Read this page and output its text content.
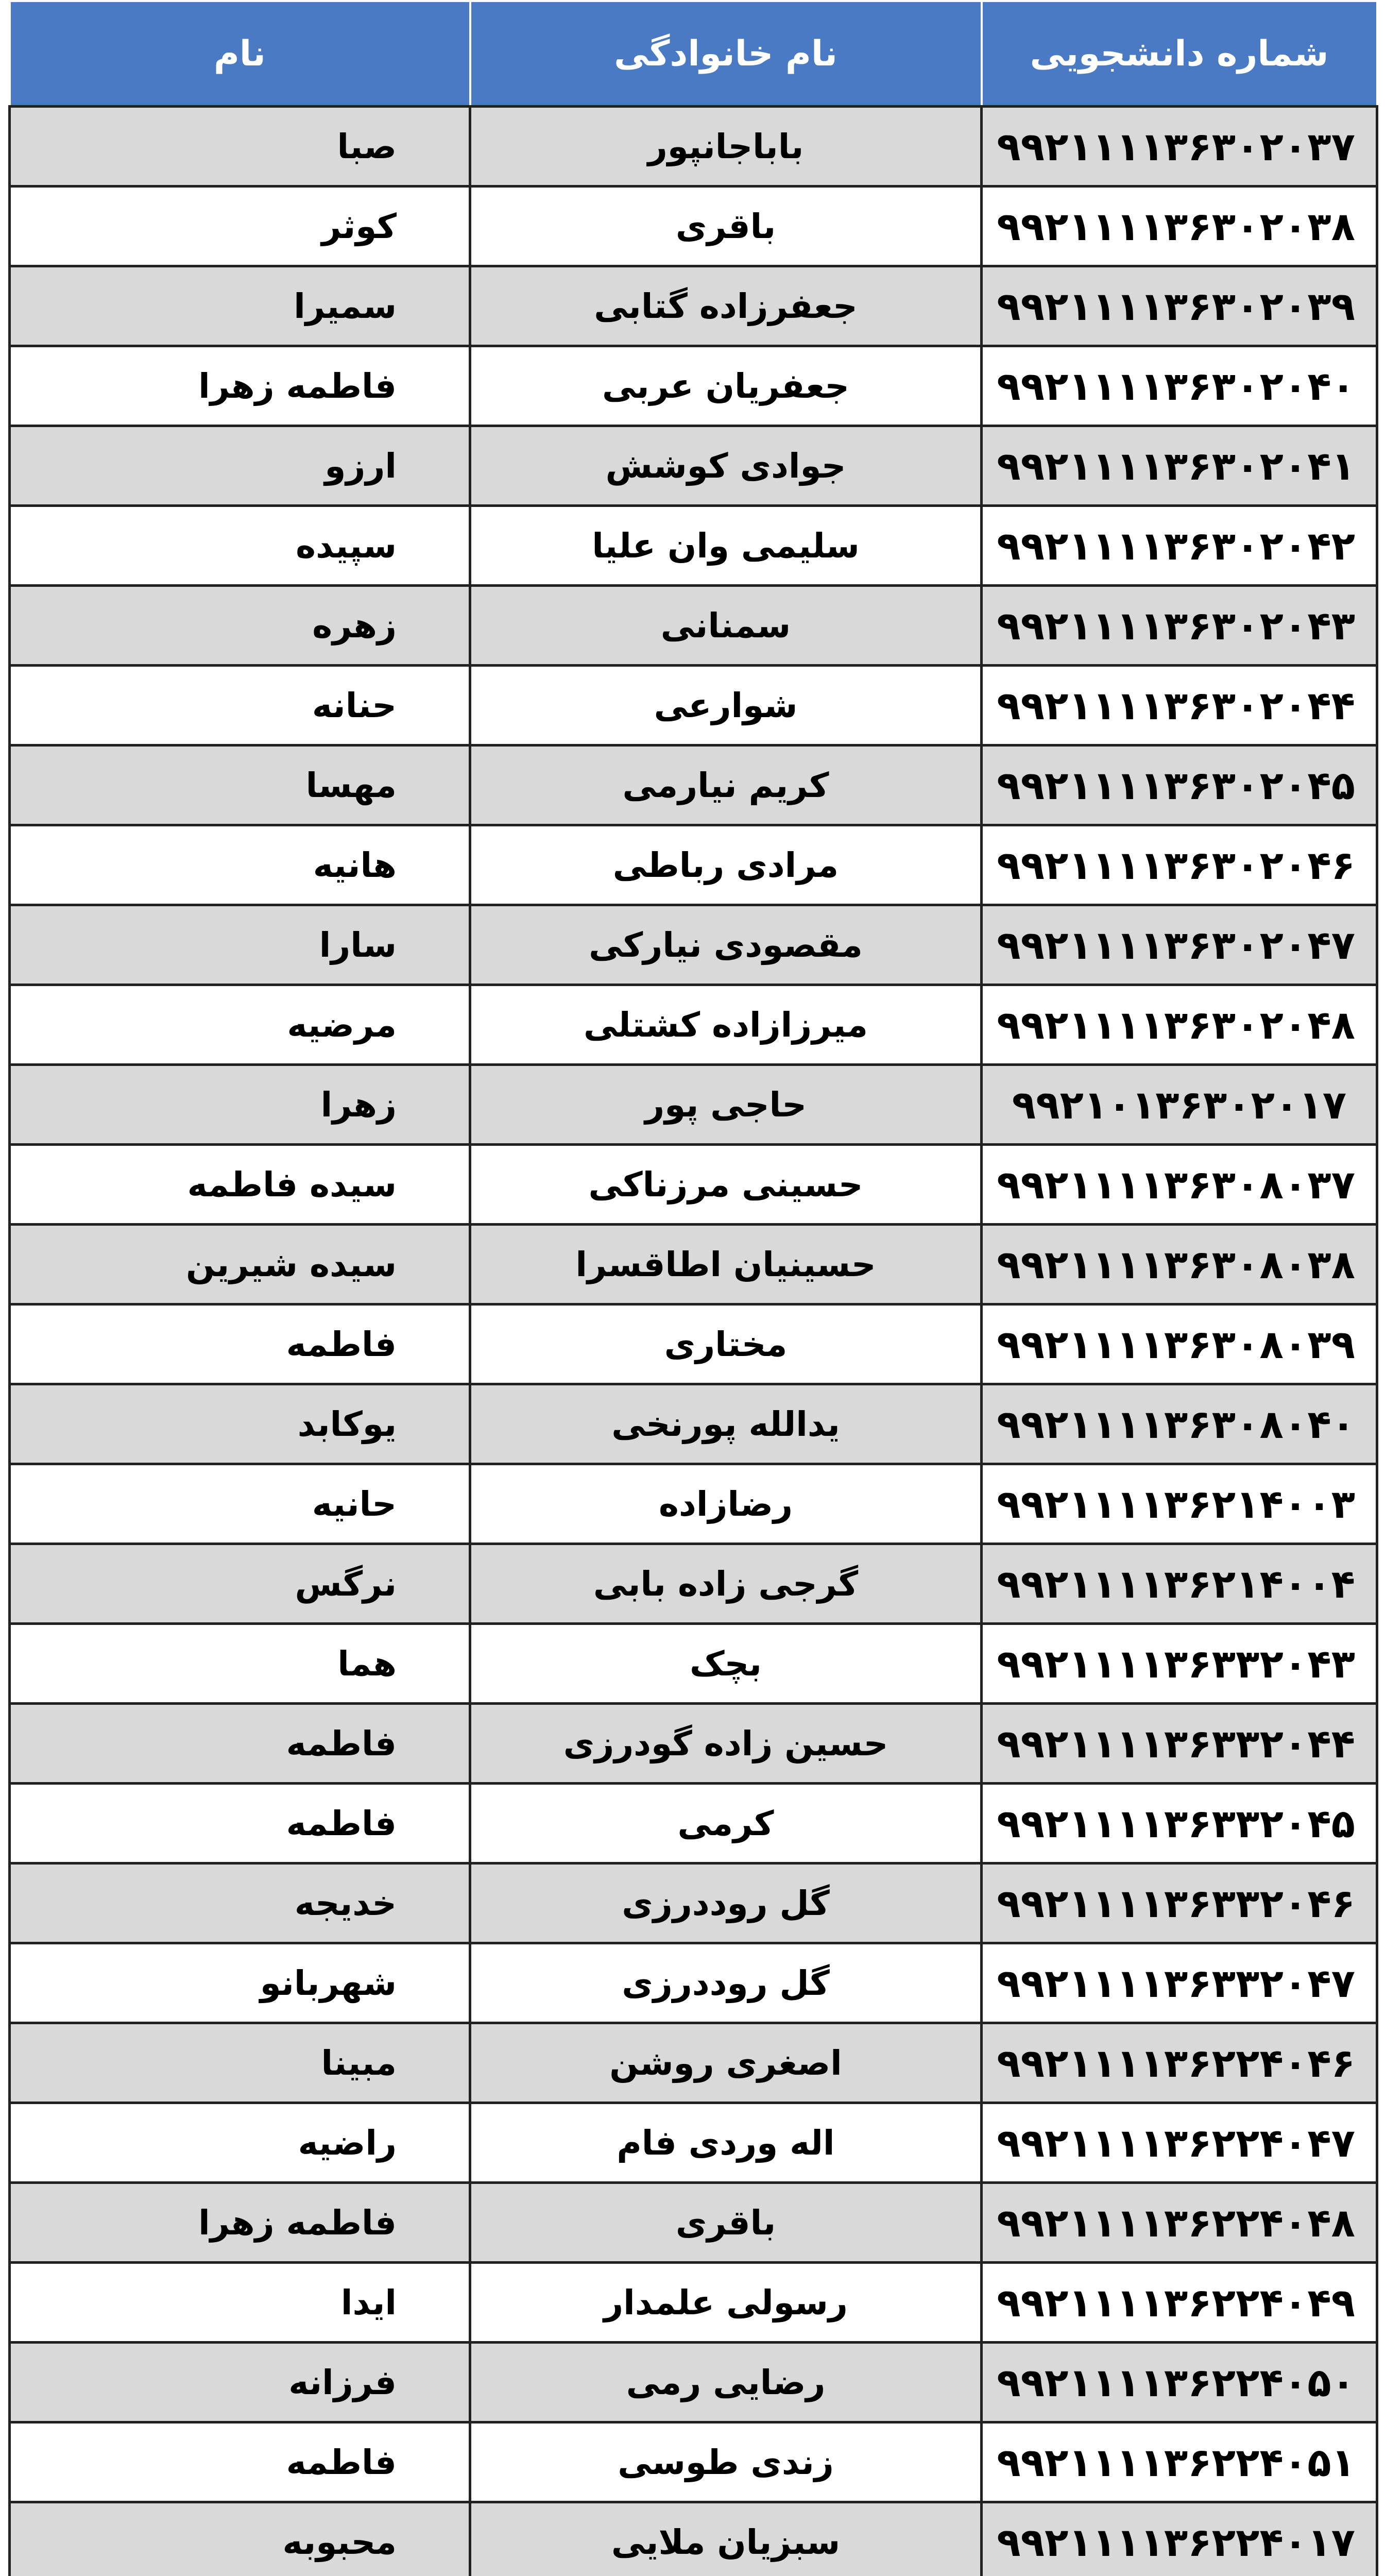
شماره دانشجویی	نام خانوادگی	نام
۹۹۲۱۱۱۱۳۶۳۰۲۰۳۷	باباجانپور	صبا
۹۹۲۱۱۱۱۳۶۳۰۲۰۳۸	باقری	کوثر
۹۹۲۱۱۱۱۳۶۳۰۲۰۳۹	جعفرزاده گتابی	سمیرا
۹۹۲۱۱۱۱۳۶۳۰۲۰۴۰	جعفریان عربی	فاطمه زهرا
۹۹۲۱۱۱۱۳۶۳۰۲۰۴۱	جوادی کوشش	ارزو
۹۹۲۱۱۱۱۳۶۳۰۲۰۴۲	سلیمی وان علیا	سپیده
۹۹۲۱۱۱۱۳۶۳۰۲۰۴۳	سمنانی	زهره
۹۹۲۱۱۱۱۳۶۳۰۲۰۴۴	شوارعی	حنانه
۹۹۲۱۱۱۱۳۶۳۰۲۰۴۵	کریم نیارمی	مهسا
۹۹۲۱۱۱۱۳۶۳۰۲۰۴۶	مرادی رباطی	هانیه
۹۹۲۱۱۱۱۳۶۳۰۲۰۴۷	مقصودی نیارکی	سارا
۹۹۲۱۱۱۱۳۶۳۰۲۰۴۸	میرزازاده کشتلی	مرضیه
۹۹۲۱۰۱۳۶۳۰۲۰۱۷	حاجی پور	زهرا
۹۹۲۱۱۱۱۳۶۳۰۸۰۳۷	حسینی مرزناکی	سیده فاطمه
۹۹۲۱۱۱۱۳۶۳۰۸۰۳۸	حسینیان اطاقسرا	سیده شیرین
۹۹۲۱۱۱۱۳۶۳۰۸۰۳۹	مختاری	فاطمه
۹۹۲۱۱۱۱۳۶۳۰۸۰۴۰	یدالله پورنخی	یوکابد
۹۹۲۱۱۱۱۳۶۲۱۴۰۰۳	رضازاده	حانیه
۹۹۲۱۱۱۱۳۶۲۱۴۰۰۴	گرجی زاده بابی	نرگس
۹۹۲۱۱۱۱۳۶۳۳۲۰۴۳	بچک	هما
۹۹۲۱۱۱۱۳۶۳۳۲۰۴۴	حسین زاده گودرزی	فاطمه
۹۹۲۱۱۱۱۳۶۳۳۲۰۴۵	کرمی	فاطمه
۹۹۲۱۱۱۱۳۶۳۳۲۰۴۶	گل روددرزی	خدیجه
۹۹۲۱۱۱۱۳۶۳۳۲۰۴۷	گل روددرزی	شهربانو
۹۹۲۱۱۱۱۳۶۲۲۴۰۴۶	اصغری روشن	مبینا
۹۹۲۱۱۱۱۳۶۲۲۴۰۴۷	اله وردی فام	راضیه
۹۹۲۱۱۱۱۳۶۲۲۴۰۴۸	باقری	فاطمه زهرا
۹۹۲۱۱۱۱۳۶۲۲۴۰۴۹	رسولی علمدار	ایدا
۹۹۲۱۱۱۱۳۶۲۲۴۰۵۰	رضایی رمی	فرزانه
۹۹۲۱۱۱۱۳۶۲۲۴۰۵۱	زندی طوسی	فاطمه
۹۹۲۱۱۱۱۳۶۲۲۴۰۱۷	سبزیان ملایی	محبوبه
